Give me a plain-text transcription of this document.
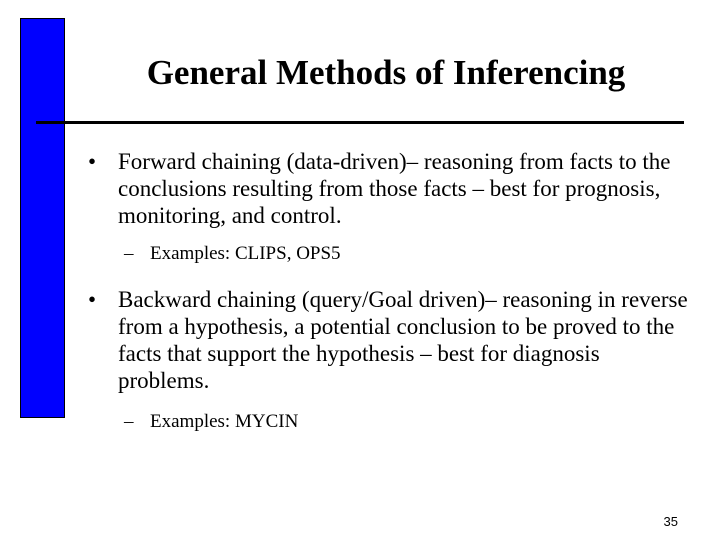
General Methods of Inferencing
• Forward chaining (data-driven)– reasoning from facts to the conclusions resulting from those facts – best for prognosis, monitoring, and control.
– Examples: CLIPS, OPS5
• Backward chaining (query/Goal driven)– reasoning in reverse from a hypothesis, a potential conclusion to be proved to the facts that support the hypothesis – best for diagnosis problems.
– Examples: MYCIN
35
